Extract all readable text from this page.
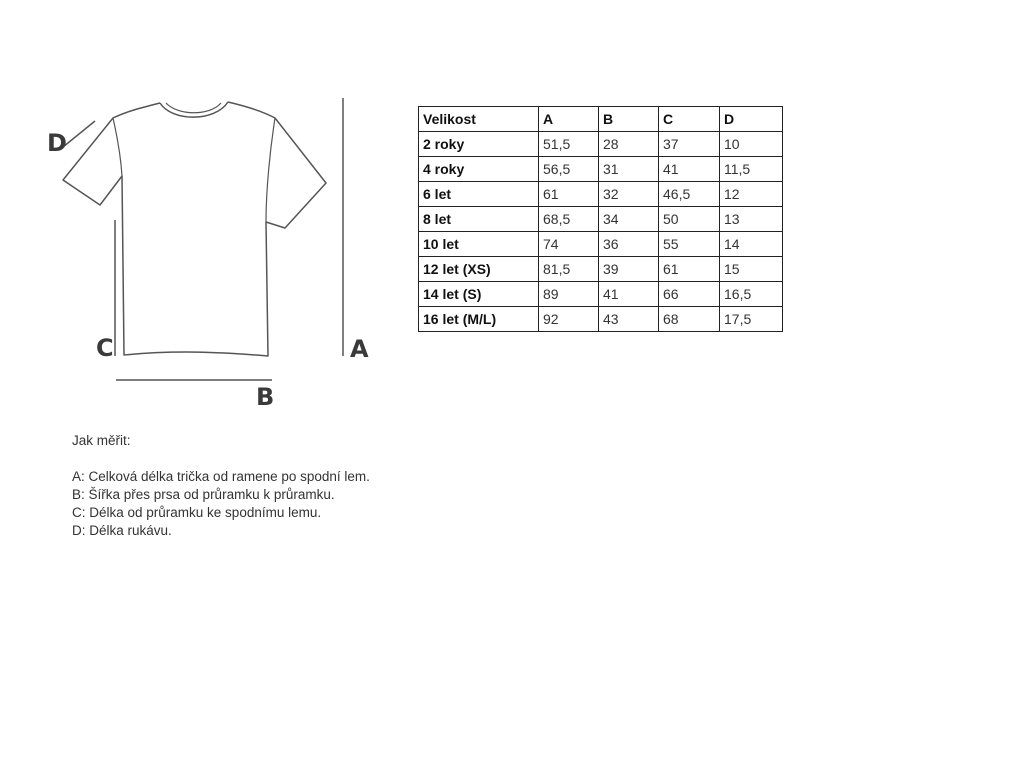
A
B
C
D
Velikost	A	B	C	D
2 roky	51,5	28	37	10
4 roky	56,5	31	41	11,5
6 let	61	32	46,5	12
8 let	68,5	34	50	13
10 let	74	36	55	14
12 let (XS)	81,5	39	61	15
14 let (S)	89	41	66	16,5
16 let (M/L)	92	43	68	17,5
Jak měřit:
A: Celková délka trička od ramene po spodní lem.
B: Šířka přes prsa od průramku k průramku.
C: Délka od průramku ke spodnímu lemu.
D: Délka rukávu.
